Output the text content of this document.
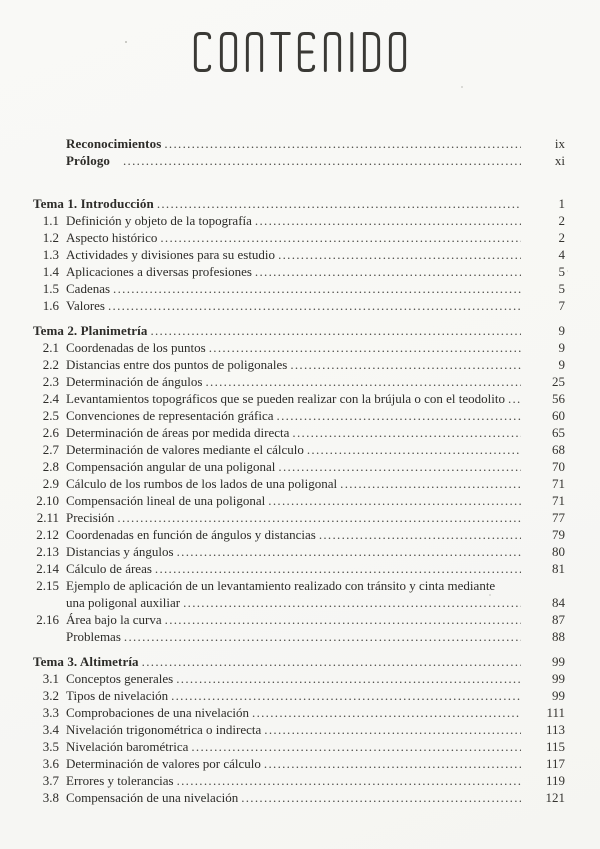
Reconocimientos .....	ix
Prólogo .....	xi
Tema 1. Introducción .....	1
1.1 Definición y objeto de la topografía .....	2
1.2 Aspecto histórico .....	2
1.3 Actividades y divisiones para su estudio .....	4
1.4 Aplicaciones a diversas profesiones .....	5
1.5 Cadenas .....	5
1.6 Valores .....	7
Tema 2. Planimetría .....	9
2.1 Coordenadas de los puntos .....	9
2.2 Distancias entre dos puntos de poligonales .....	9
2.3 Determinación de ángulos .....	25
2.4 Levantamientos topográficos que se pueden realizar con la brújula o con el teodolito .....	56
2.5 Convenciones de representación gráfica .....	60
2.6 Determinación de áreas por medida directa .....	65
2.7 Determinación de valores mediante el cálculo .....	68
2.8 Compensación angular de una poligonal .....	70
2.9 Cálculo de los rumbos de los lados de una poligonal .....	71
2.10 Compensación lineal de una poligonal .....	71
2.11 Precisión .....	77
2.12 Coordenadas en función de ángulos y distancias .....	79
2.13 Distancias y ángulos .....	80
2.14 Cálculo de áreas .....	81
2.15 Ejemplo de aplicación de un levantamiento realizado con tránsito y cinta mediante
una poligonal auxiliar .....	84
2.16 Área bajo la curva .....	87
Problemas .....	88
Tema 3. Altimetría .....	99
3.1 Conceptos generales .....	99
3.2 Tipos de nivelación .....	99
3.3 Comprobaciones de una nivelación .....	111
3.4 Nivelación trigonométrica o indirecta .....	113
3.5 Nivelación barométrica .....	115
3.6 Determinación de valores por cálculo .....	117
3.7 Errores y tolerancias .....	119
3.8 Compensación de una nivelación .....	121
